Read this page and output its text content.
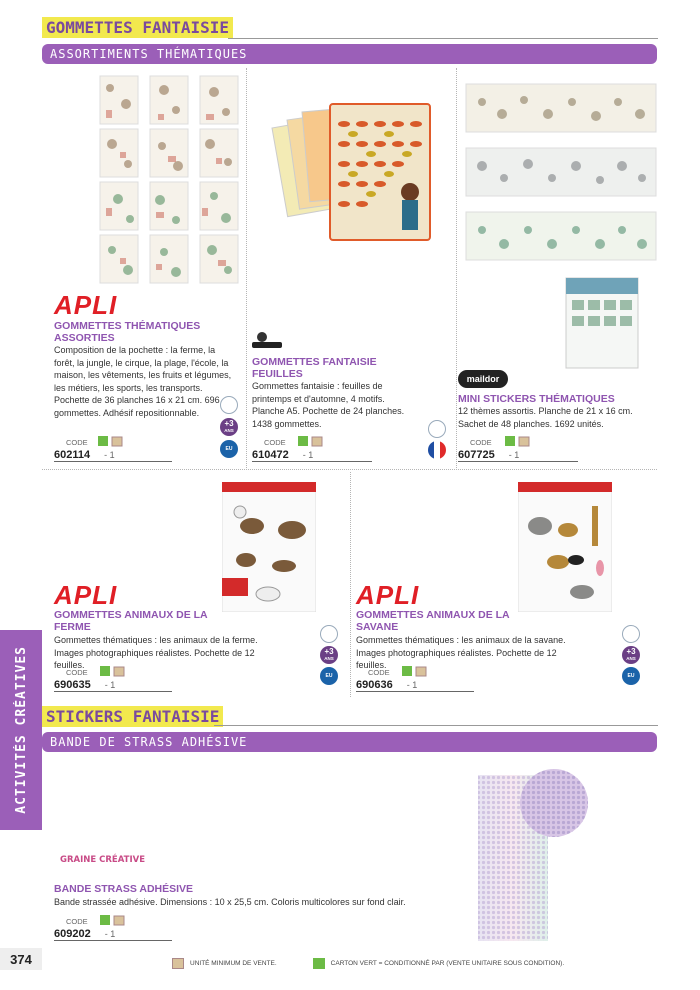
GOMMETTES FANTAISIE
ASSORTIMENTS THÉMATIQUES
APLI
GOMMETTES THÉMATIQUES ASSORTIES
Composition de la pochette : la ferme, la forêt, la jungle, le cirque, la plage, l'école, la maison, les vêtements, les fruits et légumes, les métiers, les sports, les transports. Pochette de 36 planches 16 x 21 cm. 696 gommettes. Adhésif repositionnable.
CODE
602114 - 1
+3
ANS
EU
GOMMETTES FANTAISIE FEUILLES
Gommettes fantaisie : feuilles de printemps et d'automne, 4 motifs. Planche A5. Pochette de 24 planches. 1438 gommettes.
CODE
610472 - 1
maildor
MINI STICKERS THÉMATIQUES
12 thèmes assortis. Planche de 21 x 16 cm. Sachet de 48 planches. 1692 unités.
CODE
607725 - 1
APLI
GOMMETTES ANIMAUX DE LA FERME
Gommettes thématiques : les animaux de la ferme. Images photographiques réalistes. Pochette de 12 feuilles.
CODE
690635 - 1
+3
ANS
EU
APLI
GOMMETTES ANIMAUX DE LA SAVANE
Gommettes thématiques : les animaux de la savane. Images photographiques réalistes. Pochette de 12 feuilles.
CODE
690636 - 1
+3
ANS
EU
ACTIVITÉS CRÉATIVES STICKERS FANTAISIE
BANDE DE STRASS ADHÉSIVE
GRAINE CRÉATIVE
BANDE STRASS ADHÉSIVE
Bande strassée adhésive. Dimensions : 10 x 25,5 cm. Coloris multicolores sur fond clair.
CODE
609202 - 1
374	UNITÉ MINIMUM DE VENTE.	CARTON VERT = CONDITIONNÉ PAR (VENTE UNITAIRE SOUS CONDITION).
